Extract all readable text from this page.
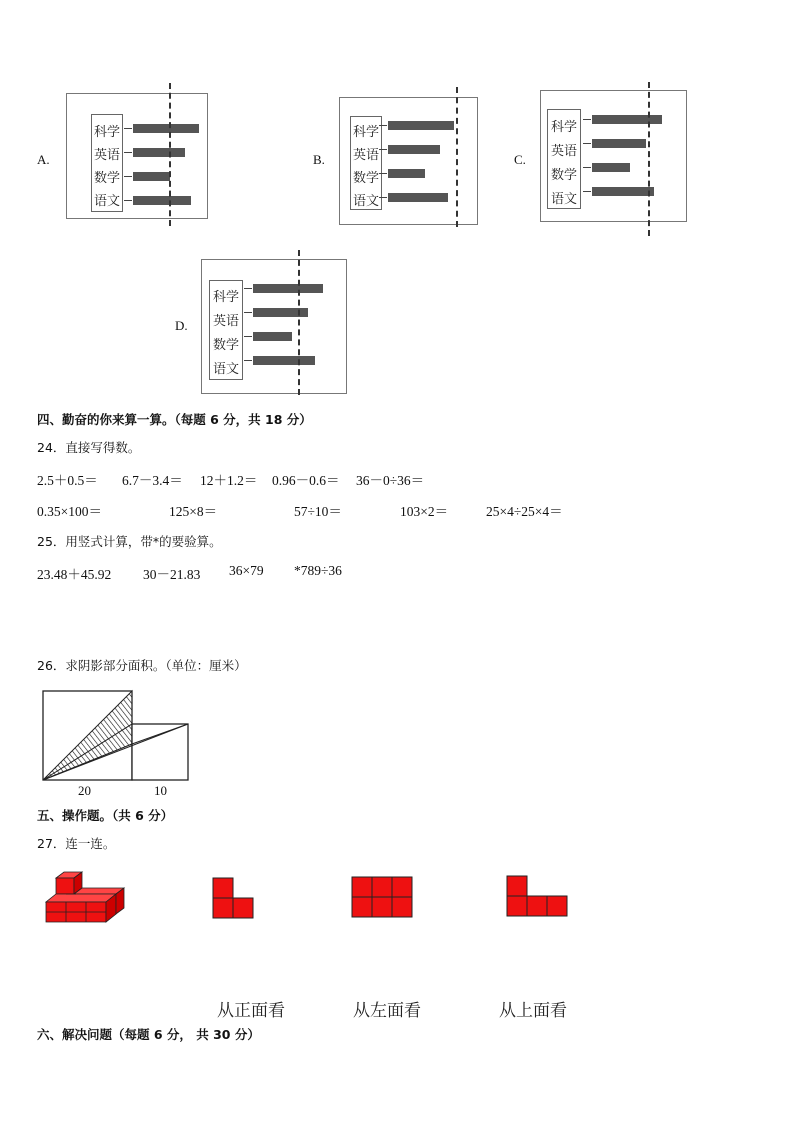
A.
科学
英语
数学
语文
B.
科学
英语
数学
语文
C.
科学
英语
数学
语文
D.
科学
英语
数学
语文
四、勤奋的你来算一算。（每题 6 分，共 18 分）
24．直接写得数。
2.5＋0.5＝ 6.7－3.4＝ 12＋1.2＝ 0.96－0.6＝ 36－0÷36＝
0.35×100＝	125×8＝	57÷10＝	103×2＝	25×4÷25×4＝
25．用竖式计算，带*的要验算。
23.48＋45.92 30－21.83 36×79 *789÷36
26．求阴影部分面积。（单位：厘米）
20	10
五、操作题。（共 6 分）
27．连一连。
从正面看	从左面看	从上面看
六、解决问题（每题 6 分， 共 30 分）
